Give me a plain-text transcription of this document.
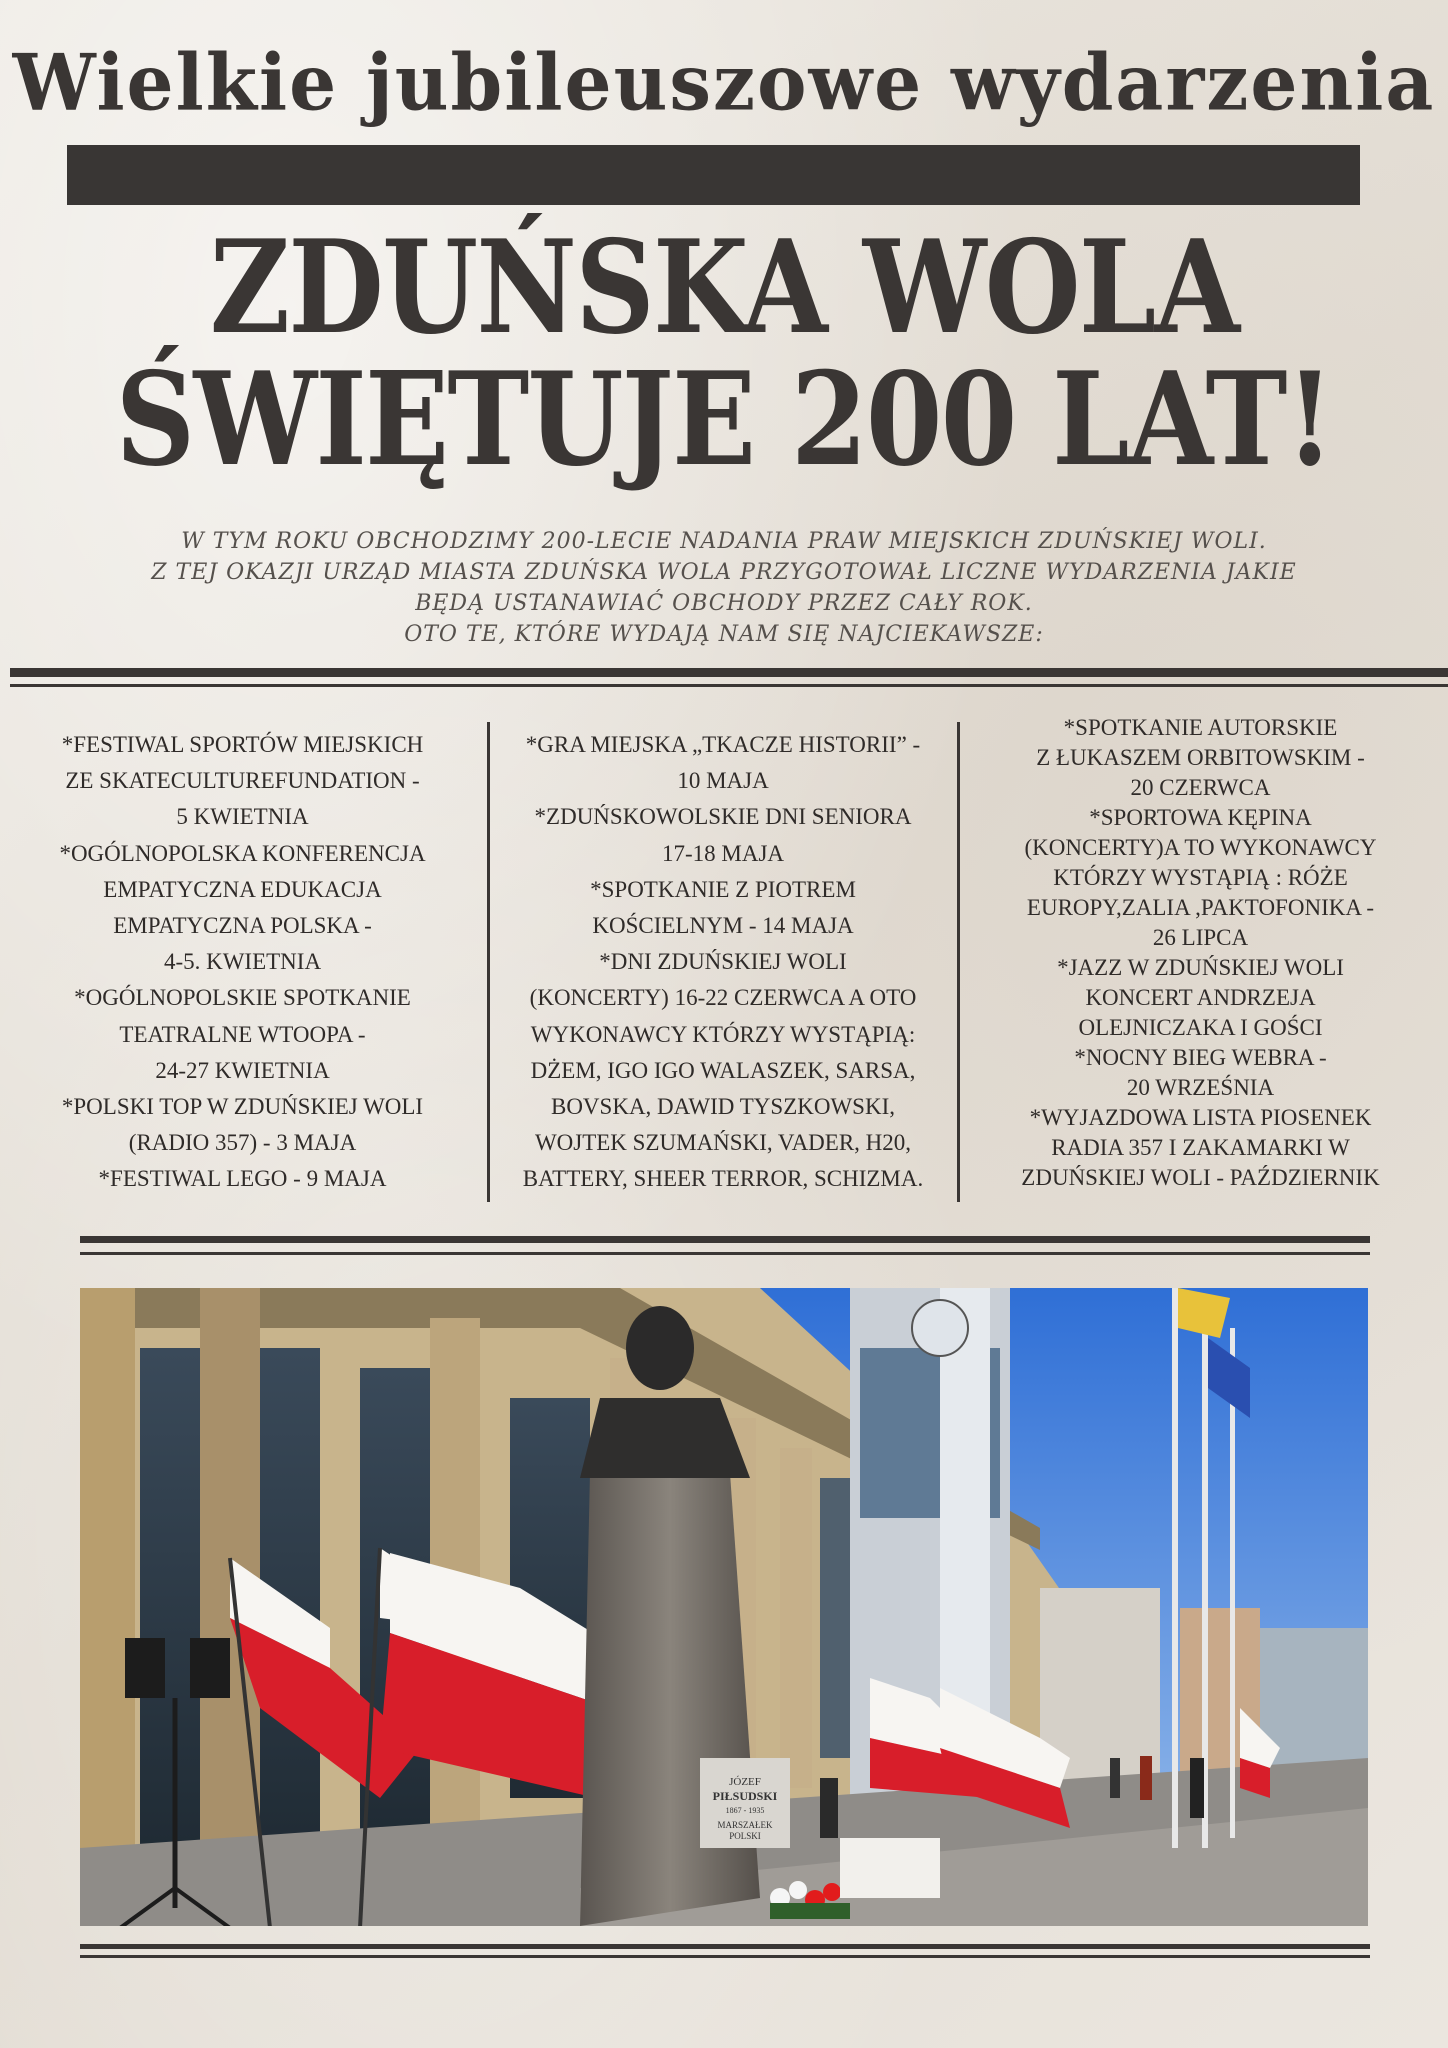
Wielkie jubileuszowe wydarzenia
ZDUŃSKA WOLA
ŚWIĘTUJE 200 LAT!
W TYM ROKU OBCHODZIMY 200-LECIE NADANIA PRAW MIEJSKICH ZDUŃSKIEJ WOLI.
Z TEJ OKAZJI URZĄD MIASTA ZDUŃSKA WOLA PRZYGOTOWAŁ LICZNE WYDARZENIA JAKIE
BĘDĄ USTANAWIAĆ OBCHODY PRZEZ CAŁY ROK.
OTO TE, KTÓRE WYDAJĄ NAM SIĘ NAJCIEKAWSZE:
*FESTIWAL SPORTÓW MIEJSKICH
ZE SKATECULTUREFUNDATION -
5 KWIETNIA
*OGÓLNOPOLSKA KONFERENCJA
EMPATYCZNA EDUKACJA
EMPATYCZNA POLSKA -
4-5. KWIETNIA
*OGÓLNOPOLSKIE SPOTKANIE
TEATRALNE WTOOPA -
24-27 KWIETNIA
*POLSKI TOP W ZDUŃSKIEJ WOLI
(RADIO 357) - 3 MAJA
*FESTIWAL LEGO - 9 MAJA
*GRA MIEJSKA „TKACZE HISTORII” -
10 MAJA
*ZDUŃSKOWOLSKIE DNI SENIORA
17-18 MAJA
*SPOTKANIE Z PIOTREM
KOŚCIELNYM - 14 MAJA
*DNI ZDUŃSKIEJ WOLI
(KONCERTY) 16-22 CZERWCA A OTO
WYKONAWCY KTÓRZY WYSTĄPIĄ:
DŻEM, IGO IGO WALASZEK, SARSA,
BOVSKA, DAWID TYSZKOWSKI,
WOJTEK SZUMAŃSKI, VADER, H20,
BATTERY, SHEER TERROR, SCHIZMA.
*SPOTKANIE AUTORSKIE
Z ŁUKASZEM ORBITOWSKIM -
20 CZERWCA
*SPORTOWA KĘPINA
(KONCERTY)A TO WYKONAWCY
KTÓRZY WYSTĄPIĄ : RÓŻE
EUROPY,ZALIA ,PAKTOFONIKA -
26 LIPCA
*JAZZ W ZDUŃSKIEJ WOLI
KONCERT ANDRZEJA
OLEJNICZAKA I GOŚCI
*NOCNY BIEG WEBRA -
20 WRZEŚNIA
*WYJAZDOWA LISTA PIOSENEK
RADIA 357 I ZAKAMARKI W
ZDUŃSKIEJ WOLI - PAŹDZIERNIK
JÓZEF
PIŁSUDSKI
1867 - 1935
MARSZAŁEK
POLSKI
